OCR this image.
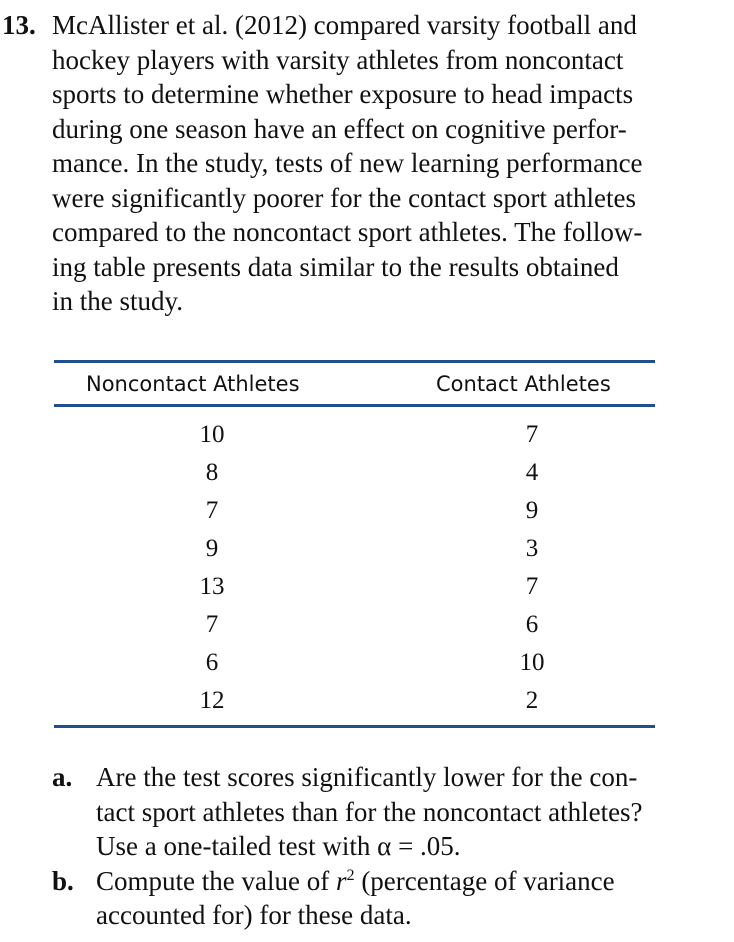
13. McAllister et al. (2012) compared varsity football and
hockey players with varsity athletes from noncontact
sports to determine whether exposure to head impacts
during one season have an effect on cognitive perfor-
mance. In the study, tests of new learning performance
were significantly poorer for the contact sport athletes
compared to the noncontact sport athletes. The follow-
ing table presents data similar to the results obtained
in the study.
Noncontact Athletes	Contact Athletes
10	7
8	4
7	9
9	3
13	7
7	6
6	10
12	2
a. Are the test scores significantly lower for the con-
tact sport athletes than for the noncontact athletes?
Use a one-tailed test with α = .05.
b. Compute the value of $r^2$ (percentage of variance
accounted for) for these data.
